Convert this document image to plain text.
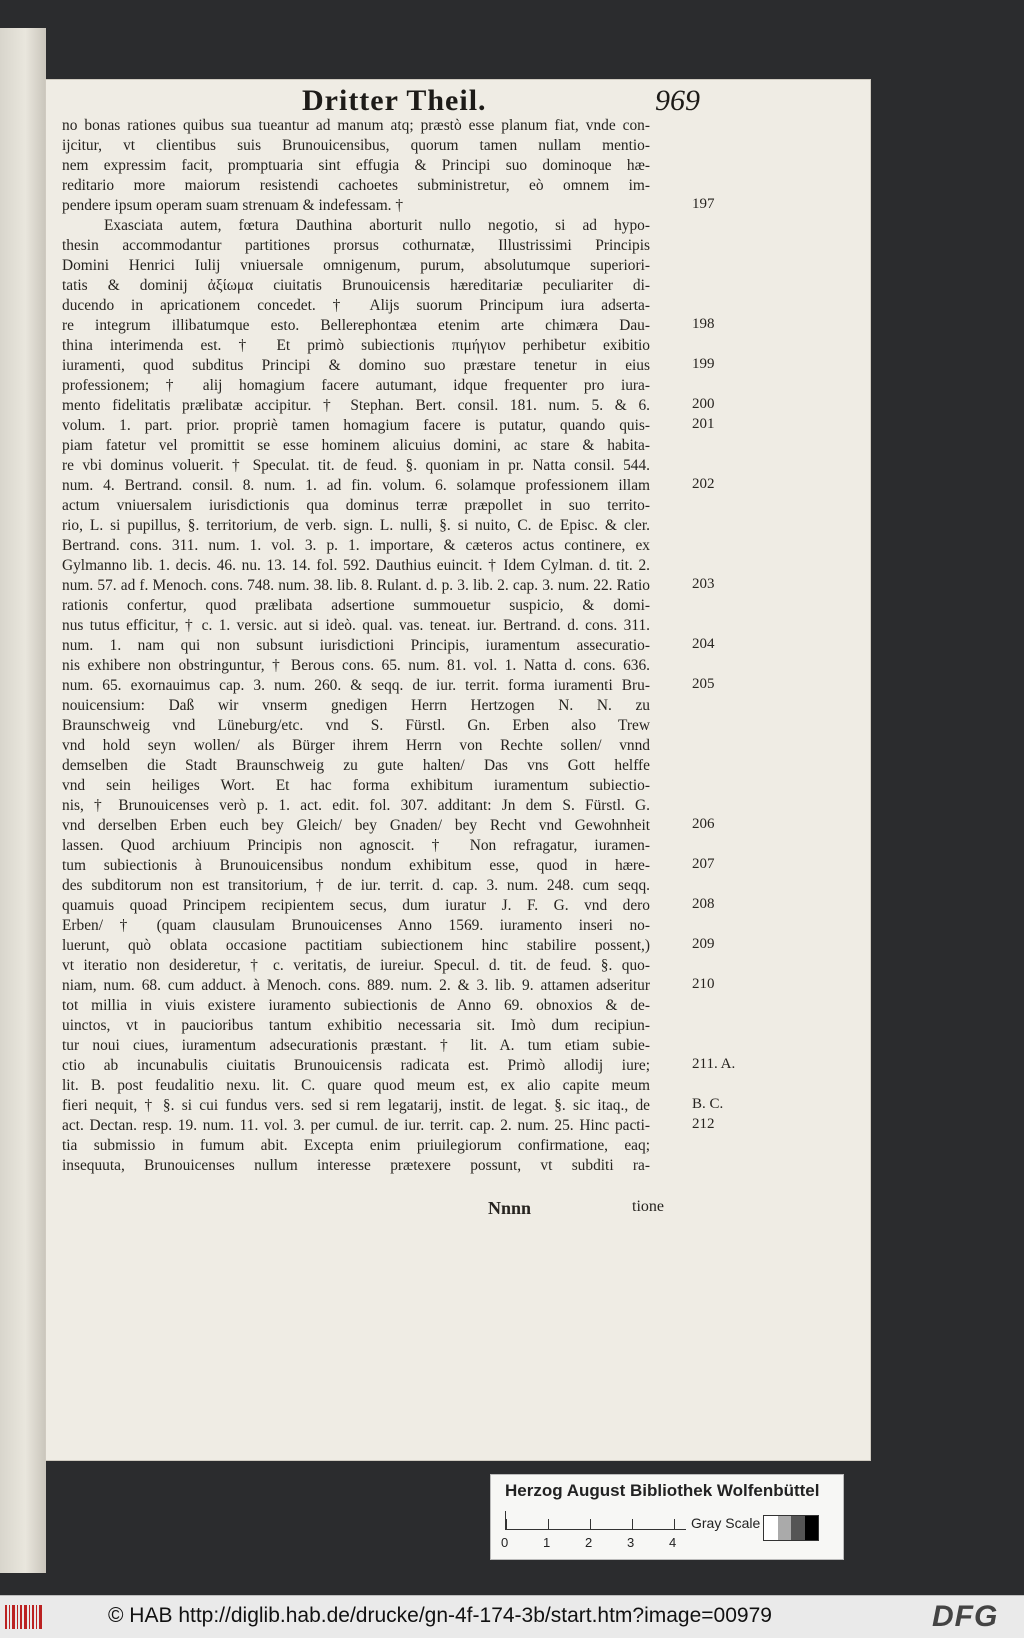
Dritter Theil.	969
no bonas rationes quibus sua tueantur ad manum atq; præstò esse planum fiat, vnde con-
ijcitur, vt clientibus suis Brunouicensibus, quorum tamen nullam mentio-
nem expressim facit, promptuaria sint effugia & Principi suo dominoque hæ-
reditario more maiorum resistendi cachoetes subministretur, eò omnem im-
pendere ipsum operam suam strenuam & indefessam. †
Exasciata autem, fœtura Dauthina aborturit nullo negotio, si ad hypo-
thesin accommodantur partitiones prorsus cothurnatæ, Illustrissimi Principis
Domini Henrici Iulij vniuersale omnigenum, purum, absolutumque superiori-
tatis & dominij ἀξίωμα ciuitatis Brunouicensis hæreditariæ peculiariter di-
ducendo in apricationem concedet. † Alijs suorum Principum iura adserta-
re integrum illibatumque esto. Bellerephontæa etenim arte chimæra Dau-
thina interimenda est. † Et primò subiectionis πιμήγιον perhibetur exibitio
iuramenti, quod subditus Principi & domino suo præstare tenetur in eius
professionem; † alij homagium facere autumant, idque frequenter pro iura-
mento fidelitatis prælibatæ accipitur. † Stephan. Bert. consil. 181. num. 5. & 6.
volum. 1. part. prior. propriè tamen homagium facere is putatur, quando quis-
piam fatetur vel promittit se esse hominem alicuius domini, ac stare & habita-
re vbi dominus voluerit. † Speculat. tit. de feud. §. quoniam in pr. Natta consil. 544.
num. 4. Bertrand. consil. 8. num. 1. ad fin. volum. 6. solamque professionem illam
actum vniuersalem iurisdictionis qua dominus terræ præpollet in suo territo-
rio, L. si pupillus, §. territorium, de verb. sign. L. nulli, §. si nuito, C. de Episc. & cler.
Bertrand. cons. 311. num. 1. vol. 3. p. 1. importare, & cæteros actus continere, ex
Gylmanno lib. 1. decis. 46. nu. 13. 14. fol. 592. Dauthius euincit. † Idem Cylman. d. tit. 2.
num. 57. ad f. Menoch. cons. 748. num. 38. lib. 8. Rulant. d. p. 3. lib. 2. cap. 3. num. 22. Ratio
rationis confertur, quod prælibata adsertione summouetur suspicio, & domi-
nus tutus efficitur, † c. 1. versic. aut si ideò. qual. vas. teneat. iur. Bertrand. d. cons. 311.
num. 1. nam qui non subsunt iurisdictioni Principis, iuramentum assecuratio-
nis exhibere non obstringuntur, † Berous cons. 65. num. 81. vol. 1. Natta d. cons. 636.
num. 65. exornauimus cap. 3. num. 260. & seqq. de iur. territ. forma iuramenti Bru-
nouicensium: Daß wir vnserm gnedigen Herrn Hertzogen N. N. zu
Braunschweig vnd Lüneburg/etc. vnd S. Fürstl. Gn. Erben also Trew
vnd hold seyn wollen/ als Bürger ihrem Herrn von Rechte sollen/ vnnd
demselben die Stadt Braunschweig zu gute halten/ Das vns Gott helffe
vnd sein heiliges Wort. Et hac forma exhibitum iuramentum subiectio-
nis, † Brunouicenses verò p. 1. act. edit. fol. 307. additant: Jn dem S. Fürstl. G.
vnd derselben Erben euch bey Gleich/ bey Gnaden/ bey Recht vnd Gewohnheit
lassen. Quod archiuum Principis non agnoscit. † Non refragatur, iuramen-
tum subiectionis à Brunouicensibus nondum exhibitum esse, quod in hære-
des subditorum non est transitorium, † de iur. territ. d. cap. 3. num. 248. cum seqq.
quamuis quoad Principem recipientem secus, dum iuratur J. F. G. vnd dero
Erben/ † (quam clausulam Brunouicenses Anno 1569. iuramento inseri no-
luerunt, quò oblata occasione pactitiam subiectionem hinc stabilire possent,)
vt iteratio non desideretur, † c. veritatis, de iureiur. Specul. d. tit. de feud. §. quo-
niam, num. 68. cum adduct. à Menoch. cons. 889. num. 2. & 3. lib. 9. attamen adseritur
tot millia in viuis existere iuramento subiectionis de Anno 69. obnoxios & de-
uinctos, vt in paucioribus tantum exhibitio necessaria sit. Imò dum recipiun-
tur noui ciues, iuramentum adsecurationis præstant. † lit. A. tum etiam subie-
ctio ab incunabulis ciuitatis Brunouicensis radicata est. Primò allodij iure;
lit. B. post feudalitio nexu. lit. C. quare quod meum est, ex alio capite meum
fieri nequit, † §. si cui fundus vers. sed si rem legatarij, instit. de legat. §. sic itaq., de
act. Dectan. resp. 19. num. 11. vol. 3. per cumul. de iur. territ. cap. 2. num. 25. Hinc pacti-
tia submissio in fumum abit. Excepta enim priuilegiorum confirmatione, eaq;
insequuta, Brunouicenses nullum interesse prætexere possunt, vt subditi ra-
197
198
199
200
201
202
203
204
205
206
207
208
209
210
211. A.
B. C.
212
Nnnn	tione
Herzog August Bibliothek Wolfenbüttel
0	1	2	3	4
Gray Scale
© HAB http://diglib.hab.de/drucke/gn-4f-174-3b/start.htm?image=00979	DFG
